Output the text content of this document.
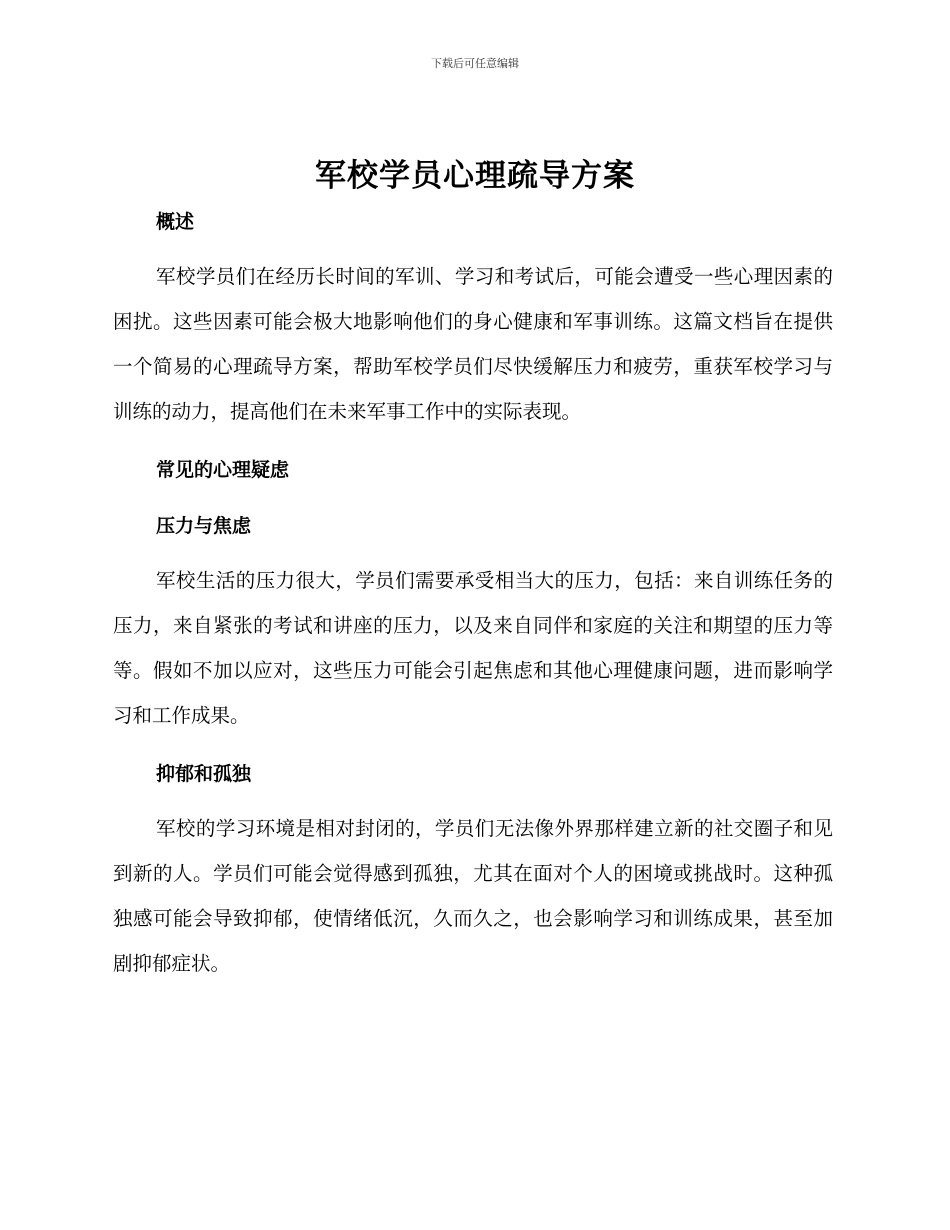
下载后可任意编辑
军校学员心理疏导方案
概述

军校学员们在经历长时间的军训、学习和考试后，可能会遭受一些心理因素的困扰。这些因素可能会极大地影响他们的身心健康和军事训练。这篇文档旨在提供一个简易的心理疏导方案，帮助军校学员们尽快缓解压力和疲劳，重获军校学习与训练的动力，提高他们在未来军事工作中的实际表现。

常见的心理疑虑
压力与焦虑

军校生活的压力很大，学员们需要承受相当大的压力，包括：来自训练任务的压力，来自紧张的考试和讲座的压力，以及来自同伴和家庭的关注和期望的压力等等。假如不加以应对，这些压力可能会引起焦虑和其他心理健康问题，进而影响学习和工作成果。

抑郁和孤独

军校的学习环境是相对封闭的，学员们无法像外界那样建立新的社交圈子和见到新的人。学员们可能会觉得感到孤独，尤其在面对个人的困境或挑战时。这种孤独感可能会导致抑郁，使情绪低沉，久而久之，也会影响学习和训练成果，甚至加剧抑郁症状。
